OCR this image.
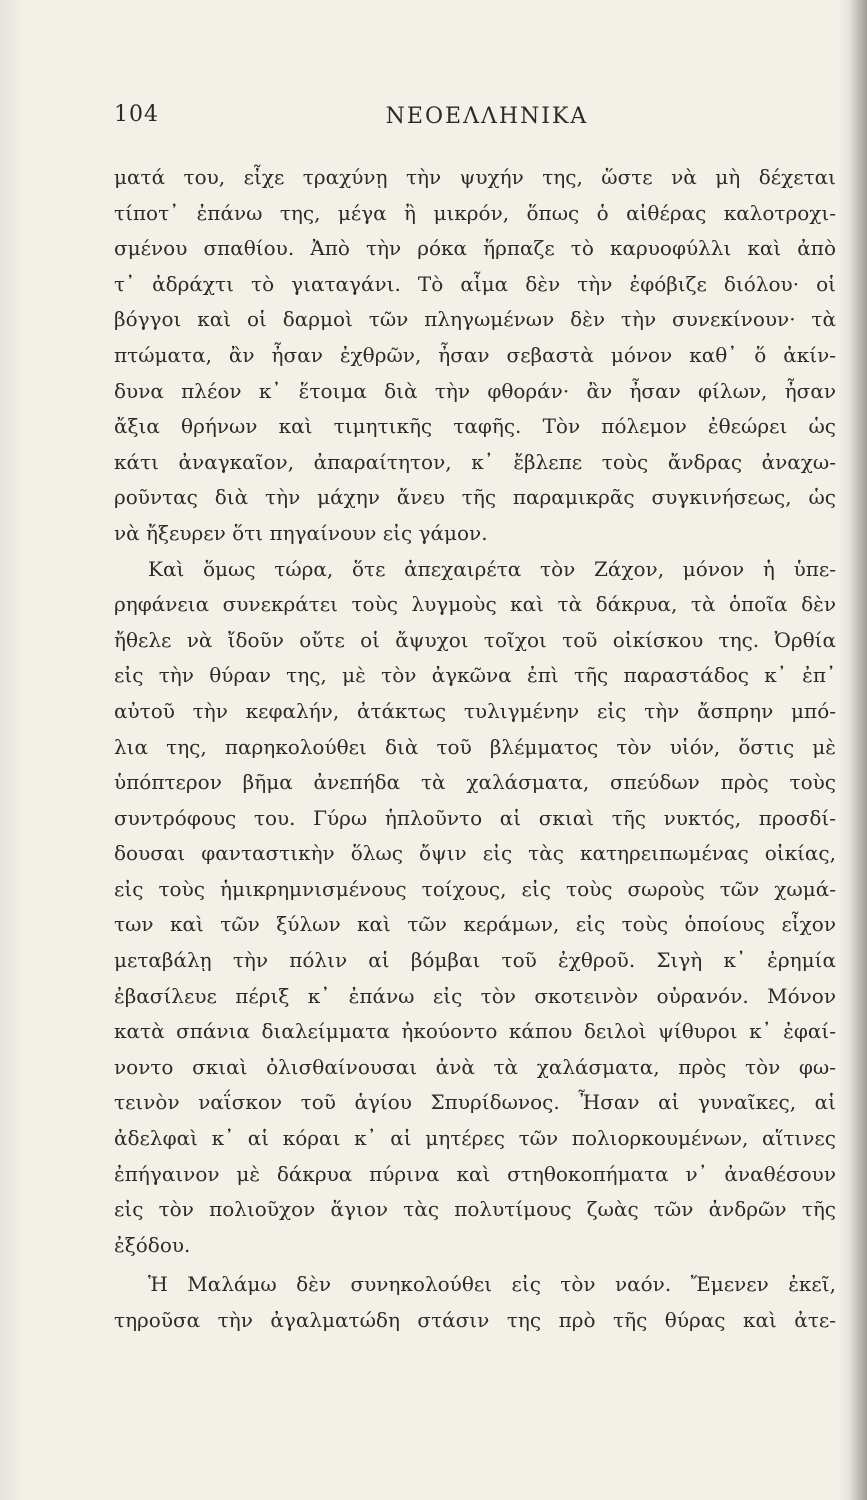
104	ΝΕΟΕΛΛΗΝΙΚΑ
ματά του, εἶχε τραχύνῃ τὴν ψυχήν της, ὥστε νὰ μὴ δέχεται
τίποτ᾽ ἐπάνω της, μέγα ἢ μικρόν, ὅπως ὁ αἰθέρας καλοτροχι-
σμένου σπαθίου. Ἀπὸ τὴν ρόκα ἥρπαζε τὸ καρυοφύλλι καὶ ἀπὸ
τ᾽ ἀδράχτι τὸ γιαταγάνι. Τὸ αἷμα δὲν τὴν ἐφόβιζε διόλου· οἱ
βόγγοι καὶ οἱ δαρμοὶ τῶν πληγωμένων δὲν τὴν συνεκίνουν· τὰ
πτώματα, ἂν ἦσαν ἐχθρῶν, ἦσαν σεβαστὰ μόνον καθ᾽ ὅ ἀκίν-
δυνα πλέον κ᾽ ἕτοιμα διὰ τὴν φθοράν· ἂν ἦσαν φίλων, ἦσαν
ἄξια θρήνων καὶ τιμητικῆς ταφῆς. Τὸν πόλεμον ἐθεώρει ὡς
κάτι ἀναγκαῖον, ἀπαραίτητον, κ᾽ ἔβλεπε τοὺς ἄνδρας ἀναχω-
ροῦντας διὰ τὴν μάχην ἄνευ τῆς παραμικρᾶς συγκινήσεως, ὡς
νὰ ἤξευρεν ὅτι πηγαίνουν εἰς γάμον.
Καὶ ὅμως τώρα, ὅτε ἀπεχαιρέτα τὸν Ζάχον, μόνον ἡ ὑπε-
ρηφάνεια συνεκράτει τοὺς λυγμοὺς καὶ τὰ δάκρυα, τὰ ὁποῖα δὲν
ἤθελε νὰ ἴδοῦν οὔτε οἱ ἄψυχοι τοῖχοι τοῦ οἰκίσκου της. Ὀρθία
εἰς τὴν θύραν της, μὲ τὸν ἀγκῶνα ἐπὶ τῆς παραστάδος κ᾽ ἐπ᾽
αὐτοῦ τὴν κεφαλήν, ἀτάκτως τυλιγμένην εἰς τὴν ἄσπρην μπό-
λια της, παρηκολούθει διὰ τοῦ βλέμματος τὸν υἱόν, ὅστις μὲ
ὑπόπτερον βῆμα ἀνεπήδα τὰ χαλάσματα, σπεύδων πρὸς τοὺς
συντρόφους του. Γύρω ἡπλοῦντο αἱ σκιαὶ τῆς νυκτός, προσδί-
δουσαι φανταστικὴν ὅλως ὄψιν εἰς τὰς κατηρειπωμένας οἰκίας,
εἰς τοὺς ἡμικρημνισμένους τοίχους, εἰς τοὺς σωροὺς τῶν χωμά-
των καὶ τῶν ξύλων καὶ τῶν κεράμων, εἰς τοὺς ὁποίους εἶχον
μεταβάλῃ τὴν πόλιν αἱ βόμβαι τοῦ ἐχθροῦ. Σιγὴ κ᾽ ἐρημία
ἐβασίλευε πέριξ κ᾽ ἐπάνω εἰς τὸν σκοτεινὸν οὐρανόν. Μόνον
κατὰ σπάνια διαλείμματα ἠκούοντο κάπου δειλοὶ ψίθυροι κ᾽ ἐφαί-
νοντο σκιαὶ ὀλισθαίνουσαι ἀνὰ τὰ χαλάσματα, πρὸς τὸν φω-
τεινὸν ναΐσκον τοῦ ἁγίου Σπυρίδωνος. Ἦσαν αἱ γυναῖκες, αἱ
ἀδελφαὶ κ᾽ αἱ κόραι κ᾽ αἱ μητέρες τῶν πολιορκουμένων, αἵτινες
ἐπήγαινον μὲ δάκρυα πύρινα καὶ στηθοκοπήματα ν᾽ ἀναθέσουν
εἰς τὸν πολιοῦχον ἅγιον τὰς πολυτίμους ζωὰς τῶν ἀνδρῶν τῆς
ἐξόδου.
Ἡ Μαλάμω δὲν συνηκολούθει εἰς τὸν ναόν. Ἔμενεν ἐκεῖ,
τηροῦσα τὴν ἀγαλματώδη στάσιν της πρὸ τῆς θύρας καὶ ἀτε-
